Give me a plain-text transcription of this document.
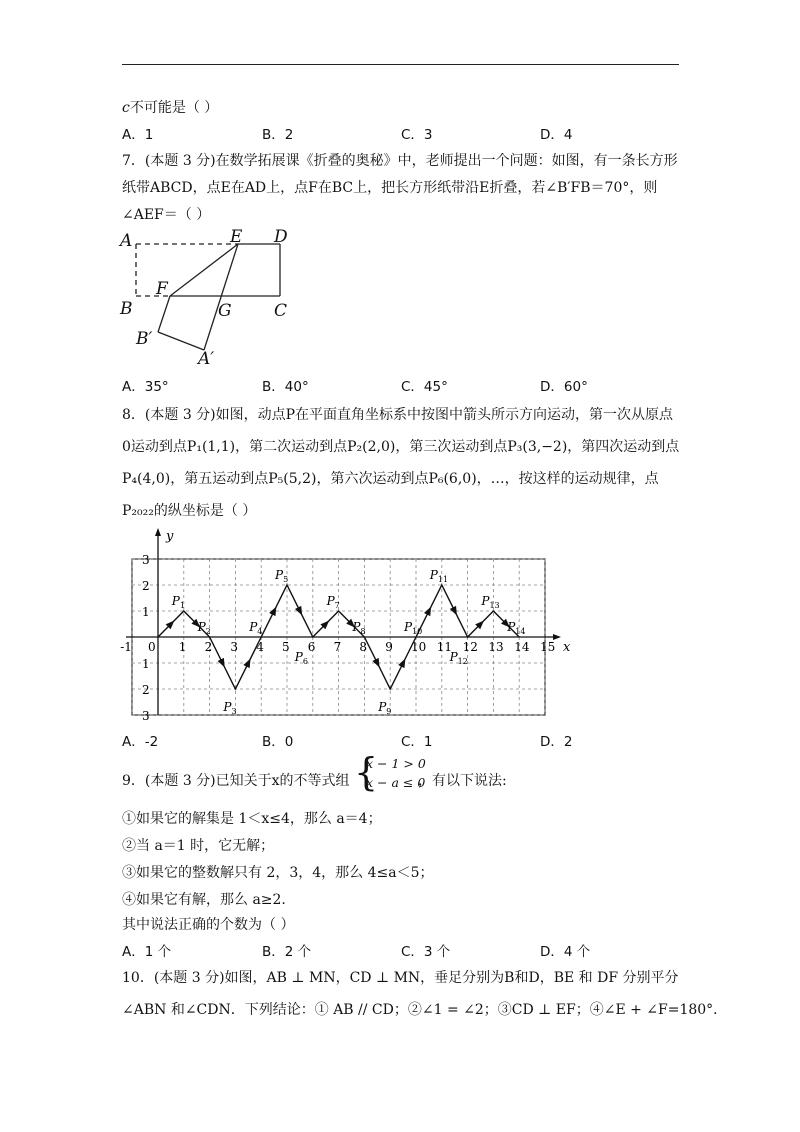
c不可能是（ ）
A．1	B．2	C．3	D．4
7．(本题 3 分)在数学拓展课《折叠的奥秘》中，老师提出一个问题：如图，有一条长方形
纸带ABCD，点E在AD上，点F在BC上，把长方形纸带沿E折叠，若∠B′FB＝70°，则
∠AEF＝（ ）
A	E D
B
F
G C
B′
A′
A．35°	B．40°	C．45°	D．60°
8．(本题 3 分)如图，动点P在平面直角坐标系中按图中箭头所示方向运动，第一次从原点
0运动到点P₁(1,1)，第二次运动到点P₂(2,0)，第三次运动到点P₃(3,−2)，第四次运动到点
P₄(4,0)，第五运动到点P₅(5,2)，第六次运动到点P₆(6,0)，…，按这样的运动规律，点
P₂₀₂₂的纵坐标是（ ）
x
y
-1 0 1 2 3 4 5 6 7 8 9 10 11 12 13 14 15
3
2
1
1
2
3
$P_1$
$P_2$
$P_3$
$P_4$
$P_5$
$P_6$
$P_7$
$P_8$
$P_9$
$P_{10}$
$P_{11}$
$P_{12}$
$P_{13}$
$P_{14}$
A．-2	B．0	C．1	D．2
9．(本题 3 分)已知关于x的不等式组 {
x − 1 > 0
x − a ≤ 0
，有以下说法:
①如果它的解集是 1＜x≤4，那么 a＝4；
②当 a＝1 时，它无解；
③如果它的整数解只有 2，3，4，那么 4≤a＜5；
④如果它有解，那么 a≥2.
其中说法正确的个数为（ ）
A．1 个	B．2 个	C．3 个	D．4 个
10．(本题 3 分)如图，AB ⊥ MN，CD ⊥ MN，垂足分别为B和D，BE 和 DF 分别平分
∠ABN 和∠CDN．下列结论：① AB // CD；②∠1 = ∠2；③CD ⊥ EF；④∠E + ∠F=180°．
